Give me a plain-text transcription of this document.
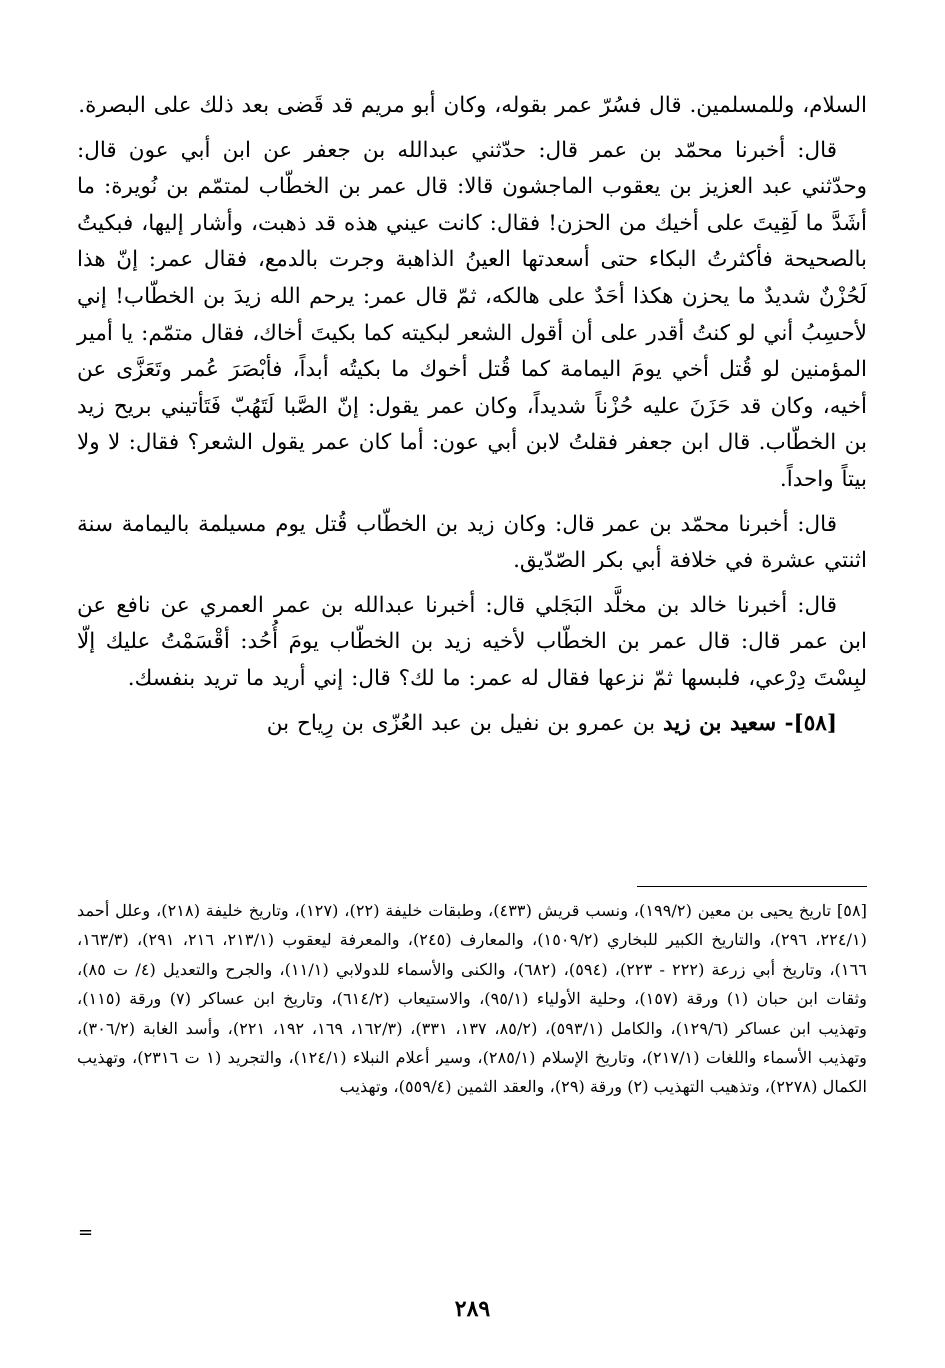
السلام، وللمسلمين. قال فسُرّ عمر بقوله، وكان أبو مريم قد قَضى بعد ذلك على البصرة.

قال: أخبرنا محمّد بن عمر قال: حدّثني عبدالله بن جعفر عن ابن أبي عون قال: وحدّثني عبد العزيز بن يعقوب الماجشون قالا: قال عمر بن الخطّاب لمتمّم بن نُويرة: ما أشَدَّ ما لَقِيتَ على أخيك من الحزن! فقال: كانت عيني هذه قد ذهبت، وأشار إليها، فبكيتُ بالصحيحة فأكثرتُ البكاء حتى أسعدتها العينُ الذاهبة وجرت بالدمع، فقال عمر: إنّ هذا لَحُزْنٌ شديدٌ ما يحزن هكذا أحَدٌ على هالكه، ثمّ قال عمر: يرحم الله زيدَ بن الخطّاب! إني لأحسِبُ أني لو كنتُ أقدر على أن أقول الشعر لبكيته كما بكيتَ أخاك، فقال متمّم: يا أمير المؤمنين لو قُتل أخي يومَ اليمامة كما قُتل أخوك ما بكيتُه أبداً، فأبْصَرَ عُمر وتَعَزَّى عن أخيه، وكان قد حَزَنَ عليه حُزْناً شديداً، وكان عمر يقول: إنّ الصَّبا لَتَهُبّ فَتَأتيني بريح زيد بن الخطّاب. قال ابن جعفر فقلتُ لابن أبي عون: أما كان عمر يقول الشعر؟ فقال: لا ولا بيتاً واحداً.

قال: أخبرنا محمّد بن عمر قال: وكان زيد بن الخطّاب قُتل يوم مسيلمة باليمامة سنة اثنتي عشرة في خلافة أبي بكر الصّدّيق.

قال: أخبرنا خالد بن مخلَّد البَجَلي قال: أخبرنا عبدالله بن عمر العمري عن نافع عن ابن عمر قال: قال عمر بن الخطّاب لأخيه زيد بن الخطّاب يومَ أُحُد: أقْسَمْتُ عليك إلّا لبِسْتَ دِرْعي، فلبسها ثمّ نزعها فقال له عمر: ما لك؟ قال: إني أريد ما تريد بنفسك.

[٥٨]- سعيد بن زيد بن عمرو بن نفيل بن عبد العُزّى بن رِياح بن

[٥٨] تاريخ يحيى بن معين (١٩٩/٢)، ونسب قريش (٤٣٣)، وطبقات خليفة (٢٢)، (١٢٧)، وتاريخ خليفة (٢١٨)، وعلل أحمد (٢٢٤/١، ٢٩٦)، والتاريخ الكبير للبخاري (١٥٠٩/٢)، والمعارف (٢٤٥)، والمعرفة ليعقوب (٢١٣/١، ٢١٦، ٢٩١)، (١٦٣/٣، ١٦٦)، وتاريخ أبي زرعة (٢٢٢ - ٢٢٣)، (٥٩٤)، (٦٨٢)، والكنى والأسماء للدولابي (١١/١)، والجرح والتعديل (٤/ ت ٨٥)، وثقات ابن حبان (١) ورقة (١٥٧)، وحلية الأولياء (٩٥/١)، والاستيعاب (٦١٤/٢)، وتاريخ ابن عساكر (٧) ورقة (١١٥)، وتهذيب ابن عساكر (١٢٩/٦)، والكامل (٥٩٣/١)، (٨٥/٢، ١٣٧، ٣٣١)، (١٦٢/٣، ١٦٩، ١٩٢، ٢٢١)، وأسد الغابة (٣٠٦/٢)، وتهذيب الأسماء واللغات (٢١٧/١)، وتاريخ الإسلام (٢٨٥/١)، وسير أعلام النبلاء (١٢٤/١)، والتجريد (١ ت ٢٣١٦)، وتهذيب الكمال (٢٢٧٨)، وتذهيب التهذيب (٢) ورقة (٢٩)، والعقد الثمين (٥٥٩/٤)، وتهذيب

=
٢٨٩
